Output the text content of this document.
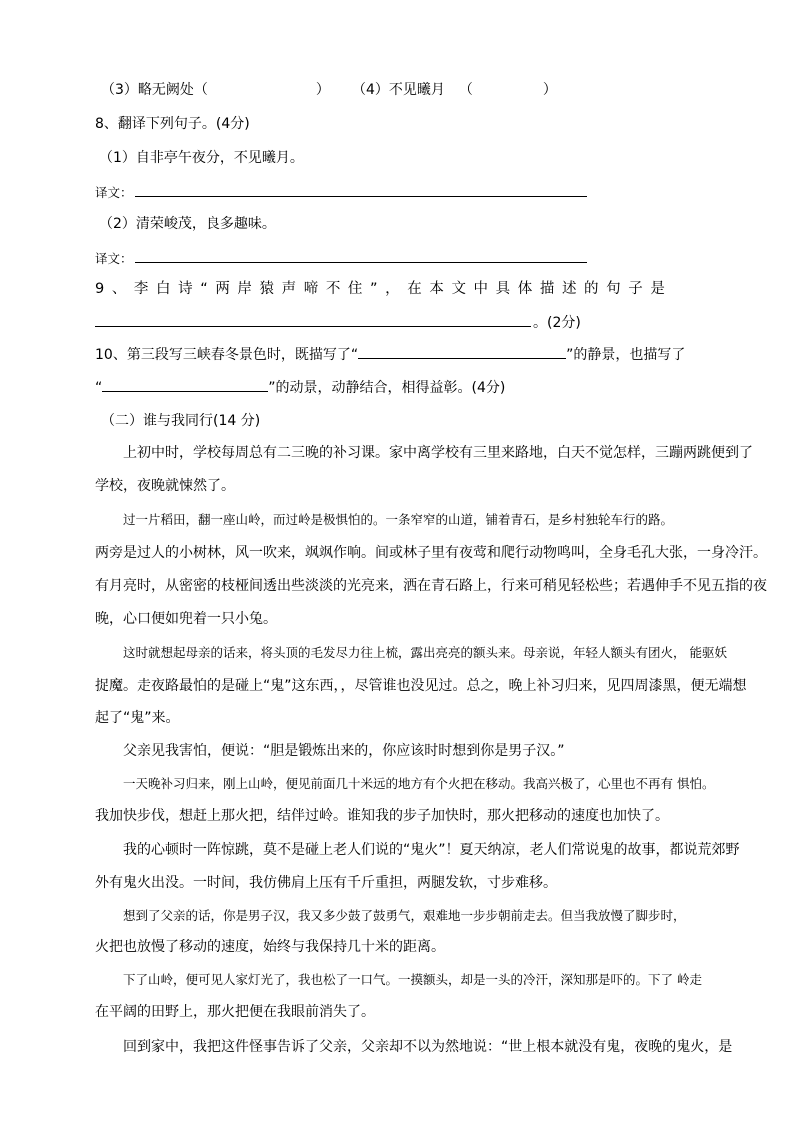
（3）略无阙处（	） （4）不见曦月 （	）
8、翻译下列句子。(4分)
（1）自非亭午夜分，不见曦月。
译文：
（2）清荣峻茂，良多趣味。
译文：
9、李白诗“两岸猿声啼不住”，在本文中具体描述的句子是
。(2分)
10、第三段写三峡春冬景色时，既描写了“	”的静景，也描写了
“	”的动景，动静结合，相得益彰。(4分)
（二）谁与我同行(14 分)
上初中时，学校每周总有二三晚的补习课。家中离学校有三里来路地，白天不觉怎样，三蹦两跳便到了
学校，夜晚就悚然了。
过一片稻田，翻一座山岭，而过岭是极惧怕的。一条窄窄的山道，铺着青石，是乡村独轮车行的路。
两旁是过人的小树林，风一吹来，飒飒作响。间或林子里有夜莺和爬行动物鸣叫，全身毛孔大张，一身冷汗。
有月亮时，从密密的枝桠间透出些淡淡的光亮来，洒在青石路上，行来可稍见轻松些；若遇伸手不见五指的夜
晚，心口便如兜着一只小兔。
这时就想起母亲的话来，将头顶的毛发尽力往上梳，露出亮亮的额头来。母亲说，年轻人额头有团火， 能驱妖
捉魔。走夜路最怕的是碰上“鬼”这东西，，尽管谁也没见过。总之，晚上补习归来，见四周漆黑，便无端想
起了“鬼”来。
父亲见我害怕，便说：“胆是锻炼出来的，你应该时时想到你是男子汉。”
一天晚补习归来，刚上山岭，便见前面几十米远的地方有个火把在移动。我高兴极了，心里也不再有 惧怕。
我加快步伐，想赶上那火把，结伴过岭。谁知我的步子加快时，那火把移动的速度也加快了。
我的心顿时一阵惊跳，莫不是碰上老人们说的“鬼火”！夏天纳凉，老人们常说鬼的故事，都说荒郊野
外有鬼火出没。一时间，我仿佛肩上压有千斤重担，两腿发软，寸步难移。
想到了父亲的话，你是男子汉，我又多少鼓了鼓勇气，艰难地一步步朝前走去。但当我放慢了脚步时，
火把也放慢了移动的速度，始终与我保持几十米的距离。
下了山岭，便可见人家灯光了，我也松了一口气。一摸额头，却是一头的冷汗，深知那是吓的。下了 岭走
在平阔的田野上，那火把便在我眼前消失了。
回到家中，我把这件怪事告诉了父亲，父亲却不以为然地说：“世上根本就没有鬼，夜晚的鬼火，是
